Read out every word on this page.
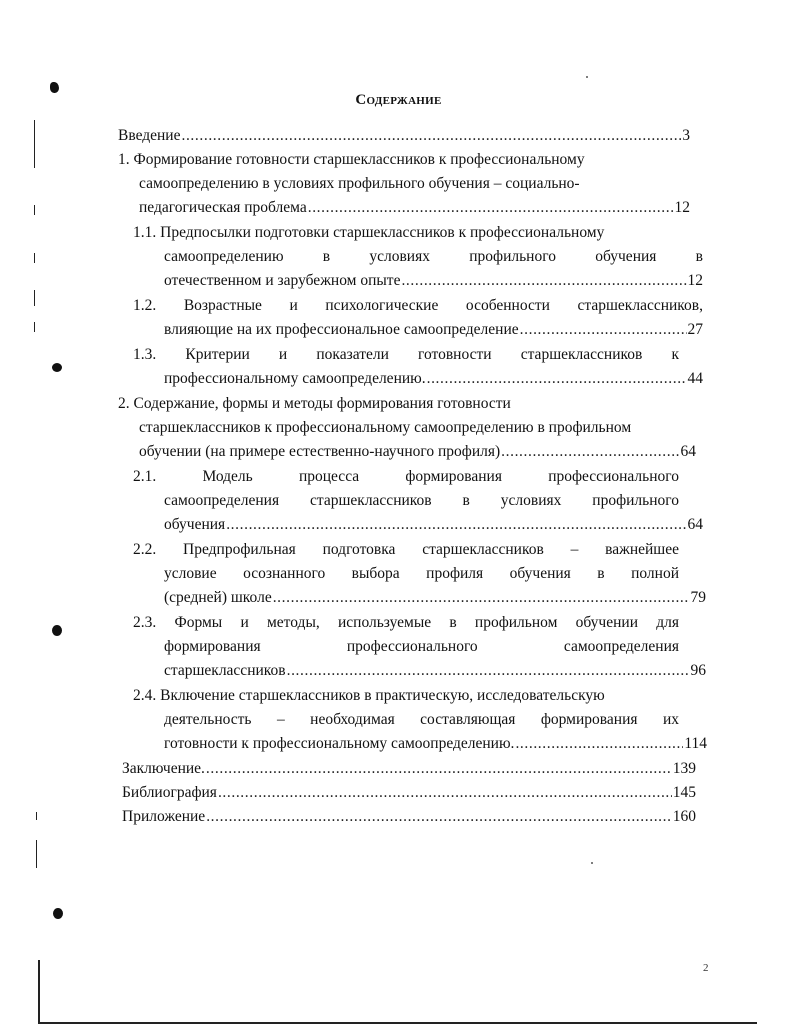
Содержание
Введение .....	3
1. Формирование готовности старшеклассников к профессиональному
самоопределению в условиях профильного обучения – социально-
педагогическая проблема .....	12
1.1. Предпосылки подготовки старшеклассников к профессиональному
самоопределению в условиях профильного обучения в
отечественном и зарубежном опыте .....	12
1.2. Возрастные и психологические особенности старшеклассников,
влияющие на их профессиональное самоопределение .....	27
1.3. Критерии и показатели готовности старшеклассников к
профессиональному самоопределению. .....	44
2. Содержание, формы и методы формирования готовности
старшеклассников к профессиональному самоопределению в профильном
обучении (на примере естественно-научного профиля) .....	64
2.1. Модель процесса формирования профессионального
самоопределения старшеклассников в условиях профильного
обучения .....	64
2.2. Предпрофильная подготовка старшеклассников – важнейшее
условие осознанного выбора профиля обучения в полной
(средней) школе .....	79
2.3. Формы и методы, используемые в профильном обучении для
формирования профессионального самоопределения
старшеклассников .....	96
2.4. Включение старшеклассников в практическую, исследовательскую
деятельность – необходимая составляющая формирования их
готовности к профессиональному самоопределению. .....	114
Заключение. .....	139
Библиография .....	145
Приложение .....	160
2
